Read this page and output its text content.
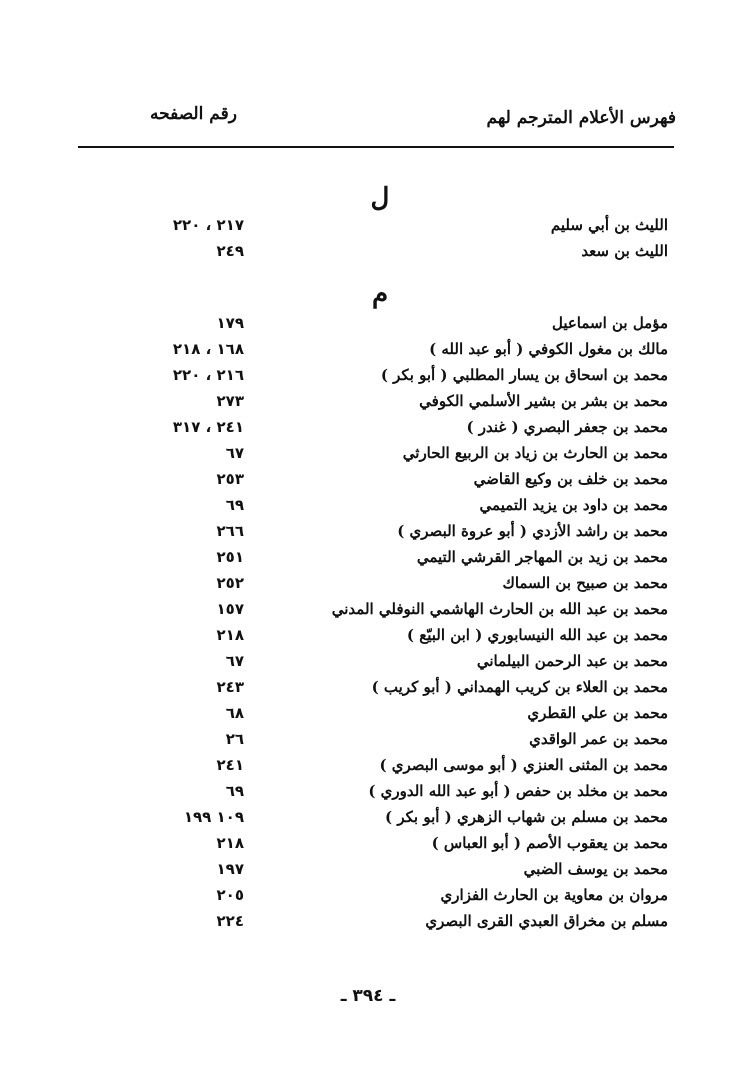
فهرس الأعلام المترجم لهم
رقم الصفحه
ل
الليث بن أبي سليم
٢١٧ ، ٢٢٠
الليث بن سعد
٢٤٩
م
مؤمل بن اسماعيل
١٧٩
مالك بن مغول الكوفي ( أبو عبد الله )
١٦٨ ، ٢١٨
محمد بن اسحاق بن يسار المطلبي ( أبو بكر )
٢١٦ ، ٢٢٠
محمد بن بشر بن بشير الأسلمي الكوفي
٢٧٣
محمد بن جعفر البصري ( غندر )
٢٤١ ، ٣١٧
محمد بن الحارث بن زياد بن الربيع الحارثي
٦٧
محمد بن خلف بن وكيع القاضي
٢٥٣
محمد بن داود بن يزيد التميمي
٦٩
محمد بن راشد الأزدي ( أبو عروة البصري )
٢٦٦
محمد بن زيد بن المهاجر القرشي التيمي
٢٥١
محمد بن صبيح بن السماك
٢٥٢
محمد بن عبد الله بن الحارث الهاشمي النوفلي المدني
١٥٧
محمد بن عبد الله النيسابوري ( ابن البيّع )
٢١٨
محمد بن عبد الرحمن البيلماني
٦٧
محمد بن العلاء بن كريب الهمداني ( أبو كريب )
٢٤٣
محمد بن علي القطري
٦٨
محمد بن عمر الواقدي
٢٦
محمد بن المثنى العنزي ( أبو موسى البصري )
٢٤١
محمد بن مخلد بن حفص ( أبو عبد الله الدوري )
٦٩
محمد بن مسلم بن شهاب الزهري ( أبو بكر )
١٠٩ ١٩٩
محمد بن يعقوب الأصم ( أبو العباس )
٢١٨
محمد بن يوسف الضبي
١٩٧
مروان بن معاوية بن الحارث الفزاري
٢٠٥
مسلم بن مخراق العبدي القرى البصري
٢٢٤
ـ ٣٩٤ ـ
